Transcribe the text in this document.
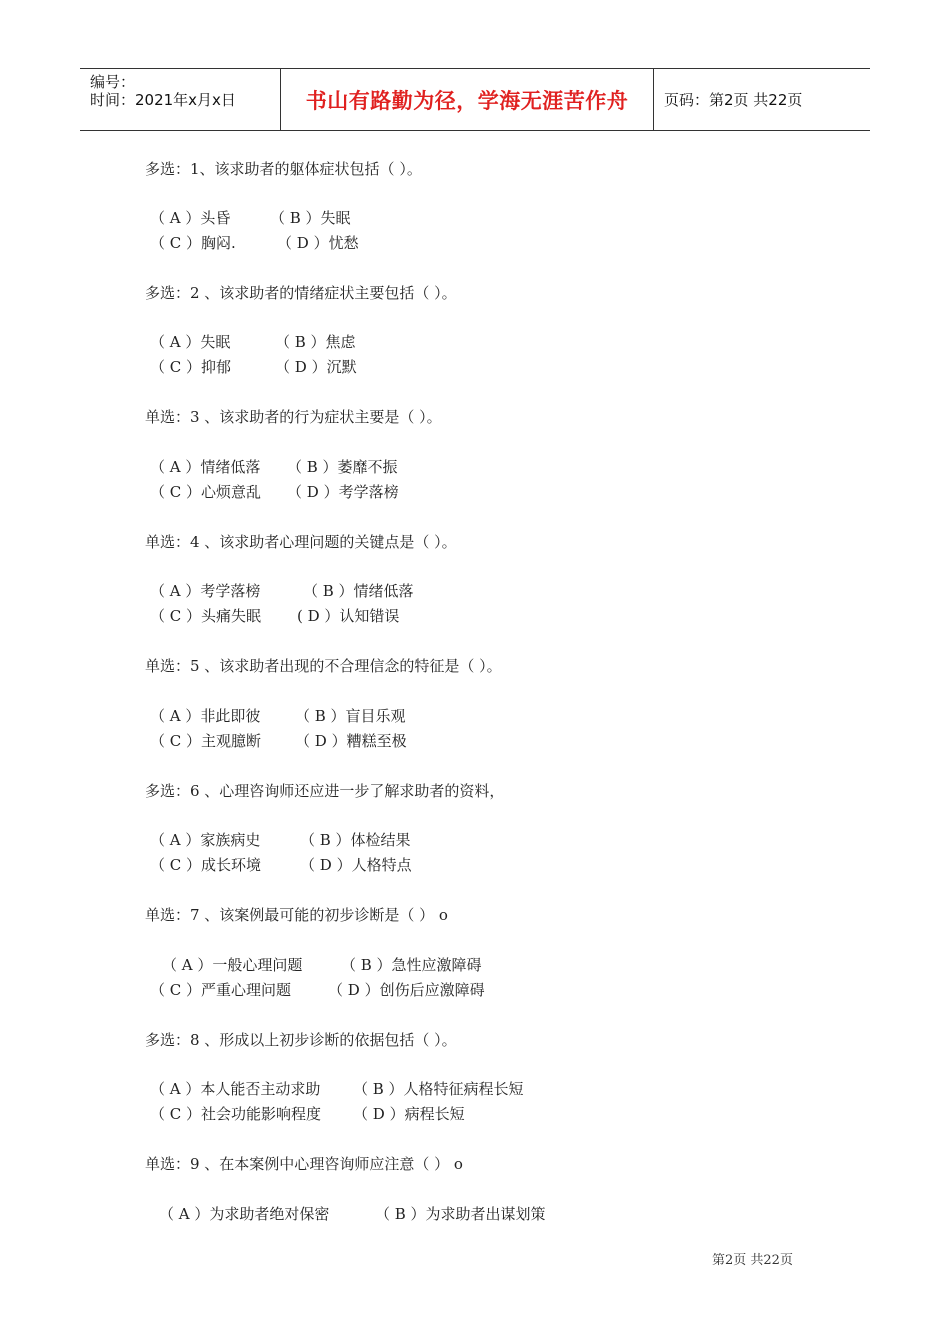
编号：
时间：2021年x月x日	书山有路勤为径，学海无涯苦作舟 页码：第2页 共22页
多选：1、该求助者的躯体症状包括（ ）。
（ A ）头昏	（ B ）失眠
（ C ）胸闷.	（ D ）忧愁
多选：2 、该求助者的情绪症状主要包括（ ）。
（ A ）失眠	（ B ）焦虑
（ C ）抑郁	（ D ）沉默
单选：3 、该求助者的行为症状主要是（ ）。
（ A ）情绪低落 （ B ）萎靡不振
（ C ）心烦意乱 （ D ）考学落榜
单选：4 、该求助者心理问题的关键点是（ ）。
（ A ）考学落榜	（ B ）情绪低落
（ C ）头痛失眠 ( D ）认知错误
单选：5 、该求助者出现的不合理信念的特征是（ ）。
（ A ）非此即彼 （ B ）盲目乐观
（ C ）主观臆断 （ D ）糟糕至极
多选：6 、心理咨询师还应进一步了解求助者的资料，
（ A ）家族病史	（ B ）体检结果
（ C ）成长环境	（ D ）人格特点
单选：7 、该案例最可能的初步诊断是（ ） o
（ A ）一般心理问题	（ B ）急性应激障碍
（ C ）严重心理问题 （ D ）创伤后应激障碍
多选：8 、形成以上初步诊断的依据包括（ ）。
（ A ）本人能否主动求助 （ B ）人格特征病程长短
（ C ）社会功能影响程度 （ D ）病程长短
单选：9 、在本案例中心理咨询师应注意（ ） o
（ A ）为求助者绝对保密	（ B ）为求助者出谋划策
第2页 共22页
